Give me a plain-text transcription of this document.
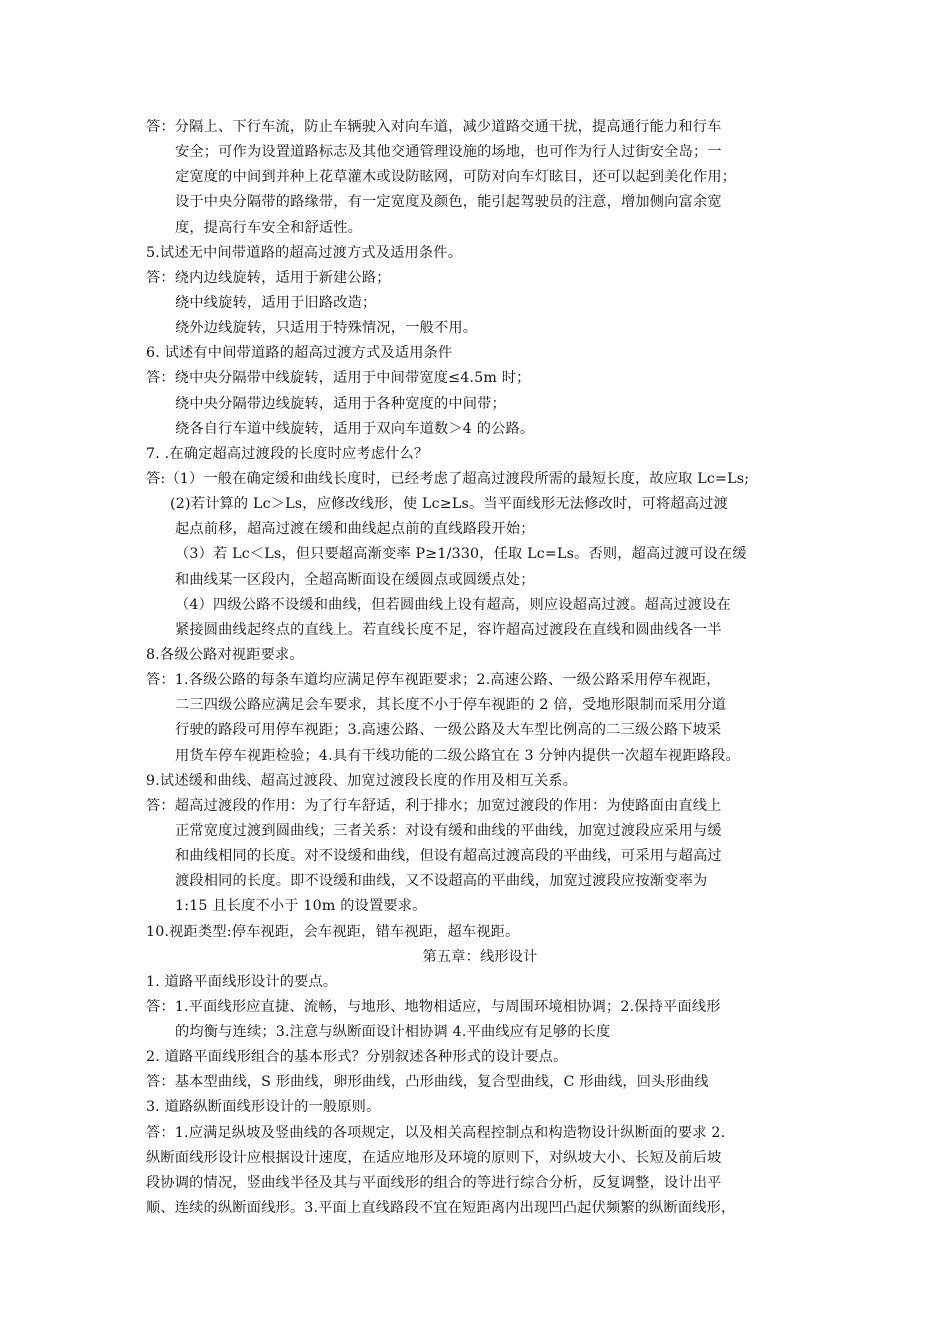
答：分隔上、下行车流，防止车辆驶入对向车道，减少道路交通干扰，提高通行能力和行车
安全；可作为设置道路标志及其他交通管理设施的场地，也可作为行人过街安全岛；一
定宽度的中间到并种上花草灌木或设防眩网，可防对向车灯眩目，还可以起到美化作用；
设于中央分隔带的路缘带，有一定宽度及颜色，能引起驾驶员的注意，增加侧向富余宽
度，提高行车安全和舒适性。
5.试述无中间带道路的超高过渡方式及适用条件。
答：绕内边线旋转，适用于新建公路；
绕中线旋转，适用于旧路改造；
绕外边线旋转，只适用于特殊情况，一般不用。
6. 试述有中间带道路的超高过渡方式及适用条件
答：绕中央分隔带中线旋转，适用于中间带宽度≤4.5m 时；
绕中央分隔带边线旋转，适用于各种宽度的中间带；
绕各自行车道中线旋转，适用于双向车道数＞4 的公路。
7. .在确定超高过渡段的长度时应考虑什么？
答:（1）一般在确定缓和曲线长度时，已经考虑了超高过渡段所需的最短长度，故应取 Lc=Ls;
(2)若计算的 Lc＞Ls，应修改线形，使 Lc≥Ls。当平面线形无法修改时，可将超高过渡
起点前移，超高过渡在缓和曲线起点前的直线路段开始；
（3）若 Lc＜Ls，但只要超高渐变率 P≥1/330，任取 Lc=Ls。否则，超高过渡可设在缓
和曲线某一区段内，全超高断面设在缓圆点或圆缓点处；
（4）四级公路不设缓和曲线，但若圆曲线上设有超高，则应设超高过渡。超高过渡设在
紧接圆曲线起终点的直线上。若直线长度不足，容许超高过渡段在直线和圆曲线各一半
8.各级公路对视距要求。
答：1.各级公路的每条车道均应满足停车视距要求；2.高速公路、一级公路采用停车视距，
二三四级公路应满足会车要求，其长度不小于停车视距的 2 倍，受地形限制而采用分道
行驶的路段可用停车视距；3.高速公路、一级公路及大车型比例高的二三级公路下坡采
用货车停车视距检验；4.具有干线功能的二级公路宜在 3 分钟内提供一次超车视距路段。
9.试述缓和曲线、超高过渡段、加宽过渡段长度的作用及相互关系。
答：超高过渡段的作用：为了行车舒适，利于排水；加宽过渡段的作用：为使路面由直线上
正常宽度过渡到圆曲线；三者关系：对设有缓和曲线的平曲线，加宽过渡段应采用与缓
和曲线相同的长度。对不设缓和曲线，但设有超高过渡高段的平曲线，可采用与超高过
渡段相同的长度。即不设缓和曲线，又不设超高的平曲线，加宽过渡段应按渐变率为
1:15 且长度不小于 10m 的设置要求。
10.视距类型:停车视距，会车视距，错车视距，超车视距。
第五章：线形设计
1. 道路平面线形设计的要点。
答：1.平面线形应直捷、流畅，与地形、地物相适应，与周围环境相协调；2.保持平面线形
的均衡与连续；3.注意与纵断面设计相协调 4.平曲线应有足够的长度
2. 道路平面线形组合的基本形式？分别叙述各种形式的设计要点。
答：基本型曲线，S 形曲线，卵形曲线，凸形曲线，复合型曲线，C 形曲线，回头形曲线
3. 道路纵断面线形设计的一般原则。
答：1.应满足纵坡及竖曲线的各项规定，以及相关高程控制点和构造物设计纵断面的要求 2.
纵断面线形设计应根据设计速度，在适应地形及环境的原则下，对纵坡大小、长短及前后坡
段协调的情况，竖曲线半径及其与平面线形的组合的等进行综合分析，反复调整，设计出平
顺、连续的纵断面线形。3.平面上直线路段不宜在短距离内出现凹凸起伏频繁的纵断面线形，
